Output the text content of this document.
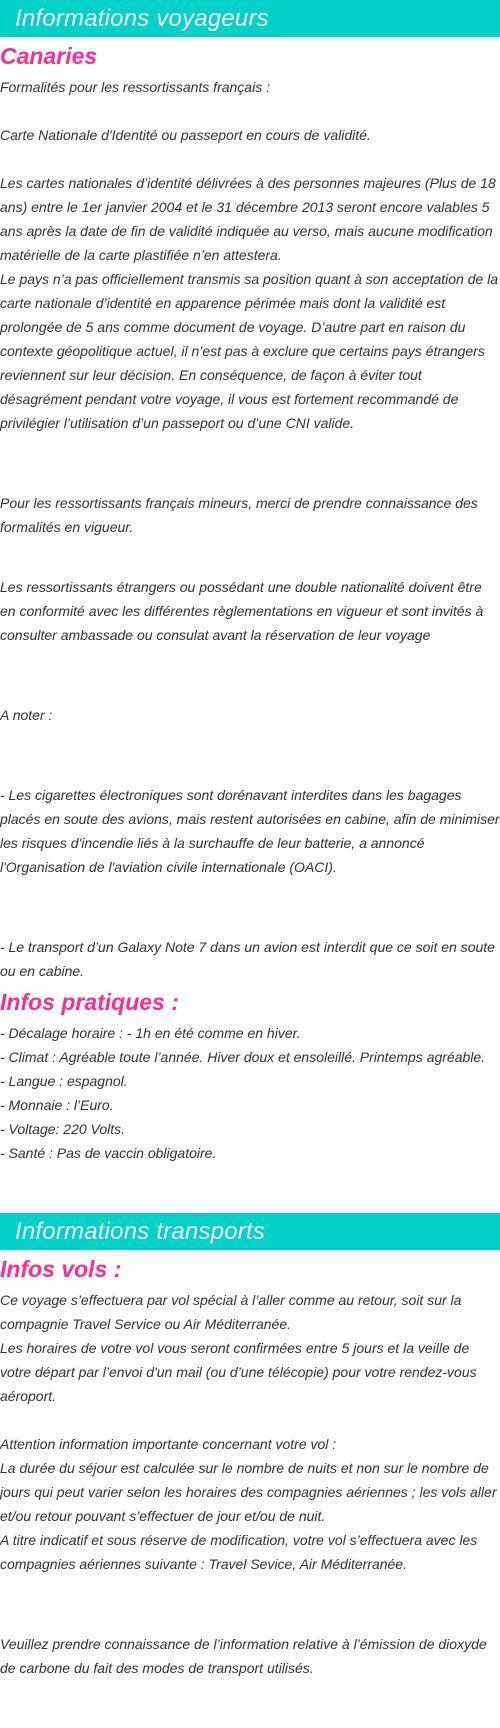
Informations voyageurs
Canaries

Formalités pour les ressortissants français :

Carte Nationale d'Identité ou passeport en cours de validité.

Les cartes nationales d’identité délivrées à des personnes majeures (Plus de 18 ans) entre le 1er janvier 2004 et le 31 décembre 2013 seront encore valables 5 ans après la date de fin de validité indiquée au verso, mais aucune modification matérielle de la carte plastifiée n’en attestera.
Le pays n’a pas officiellement transmis sa position quant à son acceptation de la carte nationale d’identité en apparence périmée mais dont la validité est prolongée de 5 ans comme document de voyage. D’autre part en raison du contexte géopolitique actuel, il n’est pas à exclure que certains pays étrangers reviennent sur leur décision. En conséquence, de façon à éviter tout désagrément pendant votre voyage, il vous est fortement recommandé de privilégier l’utilisation d’un passeport ou d’une CNI valide.

Pour les ressortissants français mineurs, merci de prendre connaissance des formalités en vigueur.

Les ressortissants étrangers ou possédant une double nationalité doivent être en conformité avec les différentes règlementations en vigueur et sont invités à consulter ambassade ou consulat avant la réservation de leur voyage

A noter :

- Les cigarettes électroniques sont dorénavant interdites dans les bagages placés en soute des avions, mais restent autorisées en cabine, afin de minimiser les risques d'incendie liés à la surchauffe de leur batterie, a annoncé l'Organisation de l'aviation civile internationale (OACI).

- Le transport d’un Galaxy Note 7 dans un avion est interdit que ce soit en soute ou en cabine.

Infos pratiques :

- Décalage horaire : - 1h en été comme en hiver.
- Climat : Agréable toute l’année. Hiver doux et ensoleillé. Printemps agréable.
- Langue : espagnol.
- Monnaie : l’Euro.
- Voltage: 220 Volts.
- Santé : Pas de vaccin obligatoire.

Informations transports
Infos vols :

Ce voyage s’effectuera par vol spécial à l’aller comme au retour, soit sur la compagnie Travel Service ou Air Méditerranée.
Les horaires de votre vol vous seront confirmées entre 5 jours et la veille de votre départ par l’envoi d'un mail (ou d’une télécopie) pour votre rendez-vous aéroport.

Attention information importante concernant votre vol :
La durée du séjour est calculée sur le nombre de nuits et non sur le nombre de jours qui peut varier selon les horaires des compagnies aériennes ; les vols aller et/ou retour pouvant s’effectuer de jour et/ou de nuit.
A titre indicatif et sous réserve de modification, votre vol s’effectuera avec les compagnies aériennes suivante : Travel Sevice, Air Méditerranée.

Veuillez prendre connaissance de l’information relative à l’émission de dioxyde de carbone du fait des modes de transport utilisés.
